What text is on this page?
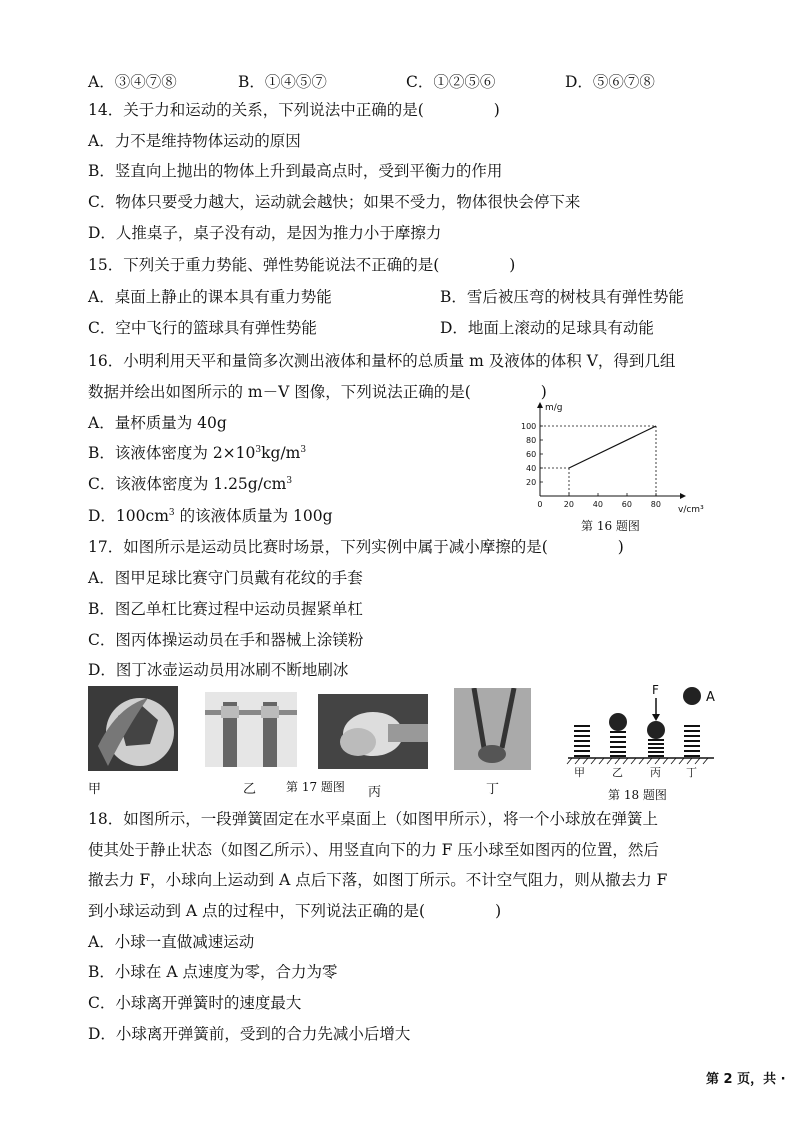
A．③④⑦⑧	B．①④⑤⑦	C．①②⑤⑥	D．⑤⑥⑦⑧
14．关于力和运动的关系，下列说法中正确的是(	)
A．力不是维持物体运动的原因
B．竖直向上抛出的物体上升到最高点时，受到平衡力的作用
C．物体只要受力越大，运动就会越快；如果不受力，物体很快会停下来
D．人推桌子，桌子没有动，是因为推力小于摩擦力
15．下列关于重力势能、弹性势能说法不正确的是(	)
A．桌面上静止的课本具有重力势能	B．雪后被压弯的树枝具有弹性势能
C．空中飞行的篮球具有弹性势能	D．地面上滚动的足球具有动能
16．小明利用天平和量筒多次测出液体和量杯的总质量 m 及液体的体积 V，得到几组
数据并绘出如图所示的 m－V 图像，下列说法正确的是(	)
A．量杯质量为 40g
B．该液体密度为 $2\times 10^3kg/m^3$
C．该液体密度为 $1.25g/cm^3$
D．$100cm^3$ 的该液体质量为 100g
m/g
v/cm³
0	20 40 60 80
20
40
60
80
100
第 16 题图
17．如图所示是运动员比赛时场景，下列实例中属于减小摩擦的是(	)
A．图甲足球比赛守门员戴有花纹的手套
B．图乙单杠比赛过程中运动员握紧单杠
C．图丙体操运动员在手和器械上涂镁粉
D．图丁冰壶运动员用冰刷不断地刷冰
甲	乙 第 17 题图 丙	丁
F	A
甲 乙 丙 丁
第 18 题图
18．如图所示，一段弹簧固定在水平桌面上（如图甲所示），将一个小球放在弹簧上
使其处于静止状态（如图乙所示）、用竖直向下的力 F 压小球至如图丙的位置，然后
撤去力 F，小球向上运动到 A 点后下落，如图丁所示。不计空气阻力，则从撤去力 F
到小球运动到 A 点的过程中，下列说法正确的是(	)
A．小球一直做减速运动
B．小球在 A 点速度为零，合力为零
C．小球离开弹簧时的速度最大
D．小球离开弹簧前，受到的合力先减小后增大
第 2 页，共 ·
